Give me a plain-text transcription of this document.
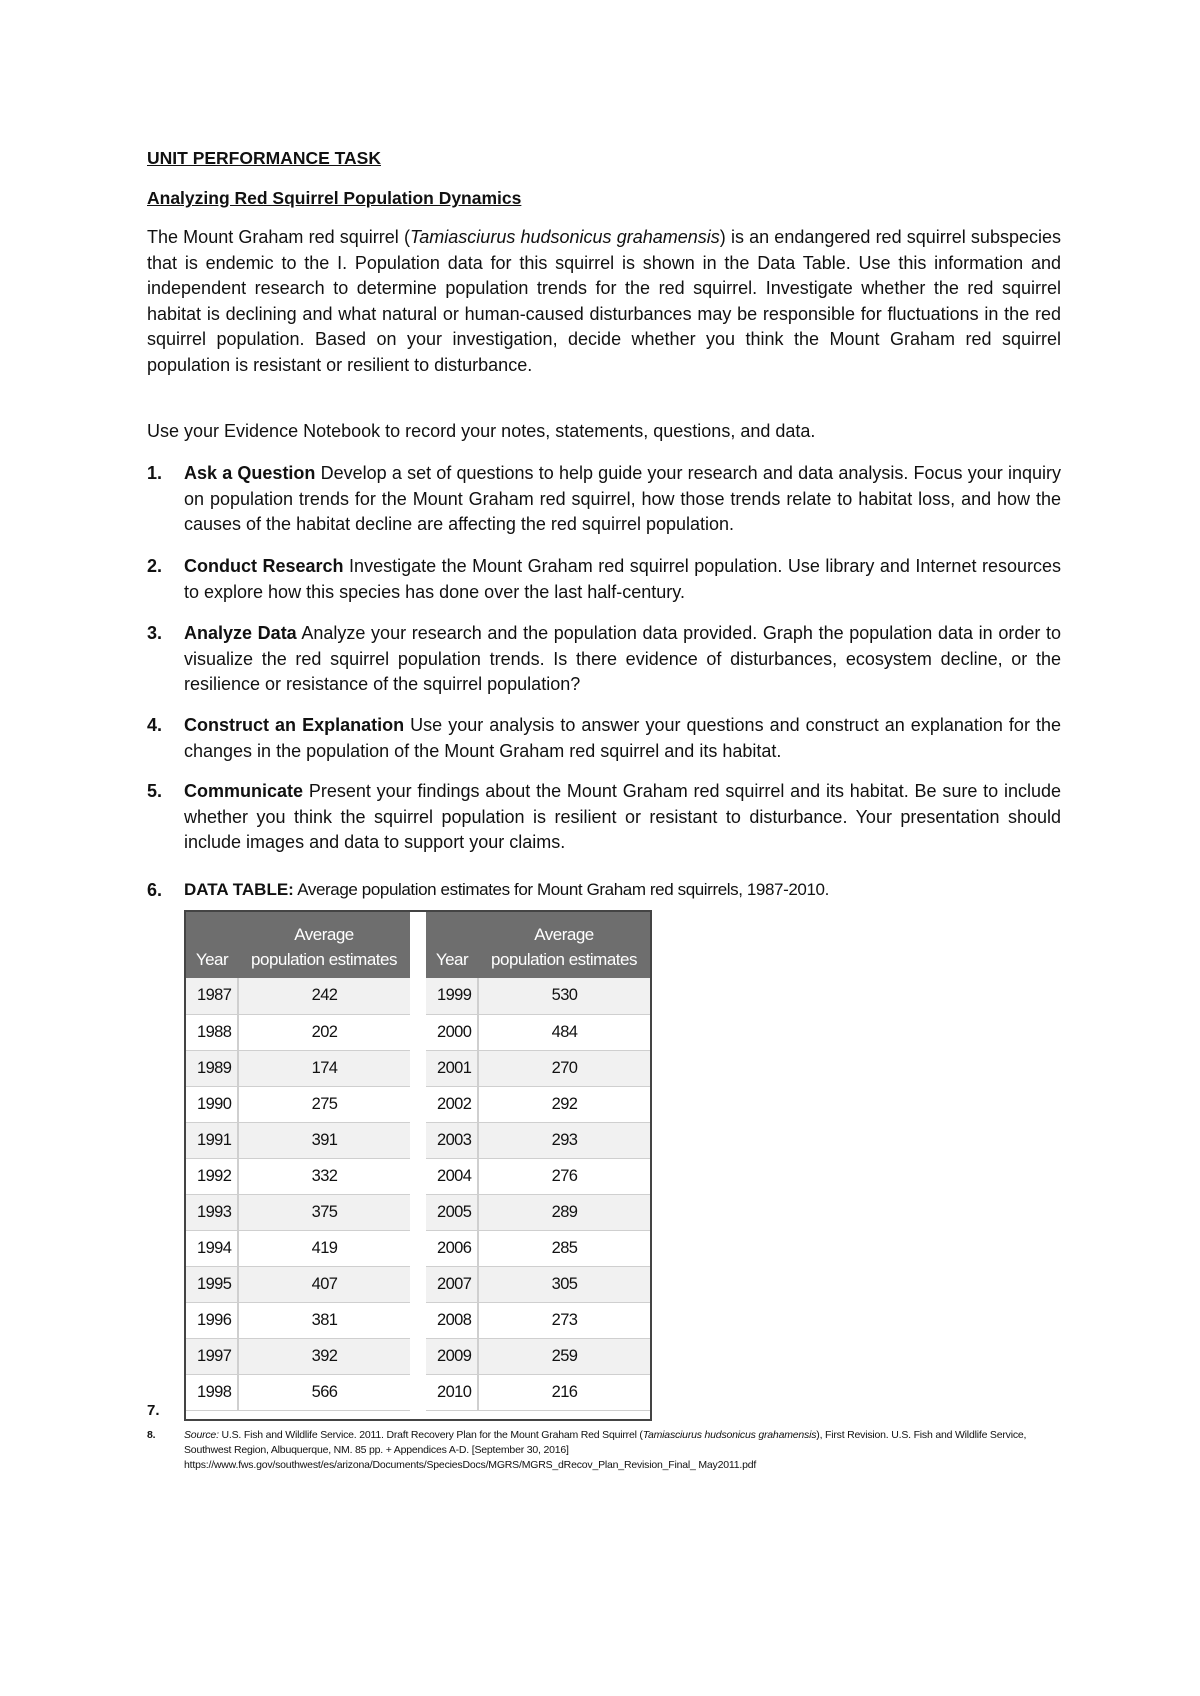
UNIT PERFORMANCE TASK
Analyzing Red Squirrel Population Dynamics

The Mount Graham red squirrel (Tamiasciurus hudsonicus grahamensis) is an endangered red squirrel subspecies that is endemic to the I. Population data for this squirrel is shown in the Data Table. Use this information and independent research to determine population trends for the red squirrel. Investigate whether the red squirrel habitat is declining and what natural or human-caused disturbances may be responsible for fluctuations in the red squirrel population. Based on your investigation, decide whether you think the Mount Graham red squirrel population is resistant or resilient to disturbance.

Use your Evidence Notebook to record your notes, statements, questions, and data.

1. Ask a Question Develop a set of questions to help guide your research and data analysis. Focus your inquiry on population trends for the Mount Graham red squirrel, how those trends relate to habitat loss, and how the causes of the habitat decline are affecting the red squirrel population.
2. Conduct Research Investigate the Mount Graham red squirrel population. Use library and Internet resources to explore how this species has done over the last half-century.
3. Analyze Data Analyze your research and the population data provided. Graph the population data in order to visualize the red squirrel population trends. Is there evidence of disturbances, ecosystem decline, or the resilience or resistance of the squirrel population?
4. Construct an Explanation Use your analysis to answer your questions and construct an explanation for the changes in the population of the Mount Graham red squirrel and its habitat.
5. Communicate Present your findings about the Mount Graham red squirrel and its habitat. Be sure to include whether you think the squirrel population is resilient or resistant to disturbance. Your presentation should include images and data to support your claims.
6. DATA TABLE: Average population estimates for Mount Graham red squirrels, 1987-2010.
Year	Average
population estimates
1987	242
1988	202
1989	174
1990	275
1991	391
1992	332
1993	375
1994	419
1995	407
1996	381
1997	392
1998	566
Year	Average
population estimates
1999	530
2000	484
2001	270
2002	292
2003	293
2004	276
2005	289
2006	285
2007	305
2008	273
2009	259
2010	216
7.
8.	Source: U.S. Fish and Wildlife Service. 2011. Draft Recovery Plan for the Mount Graham Red Squirrel (Tamiasciurus hudsonicus grahamensis), First Revision. U.S. Fish and Wildlife Service, Southwest Region, Albuquerque, NM. 85 pp. + Appendices A-D. [September 30, 2016] https://www.fws.gov/southwest/es/arizona/Documents/SpeciesDocs/MGRS/MGRS_dRecov_Plan_Revision_Final_ May2011.pdf
